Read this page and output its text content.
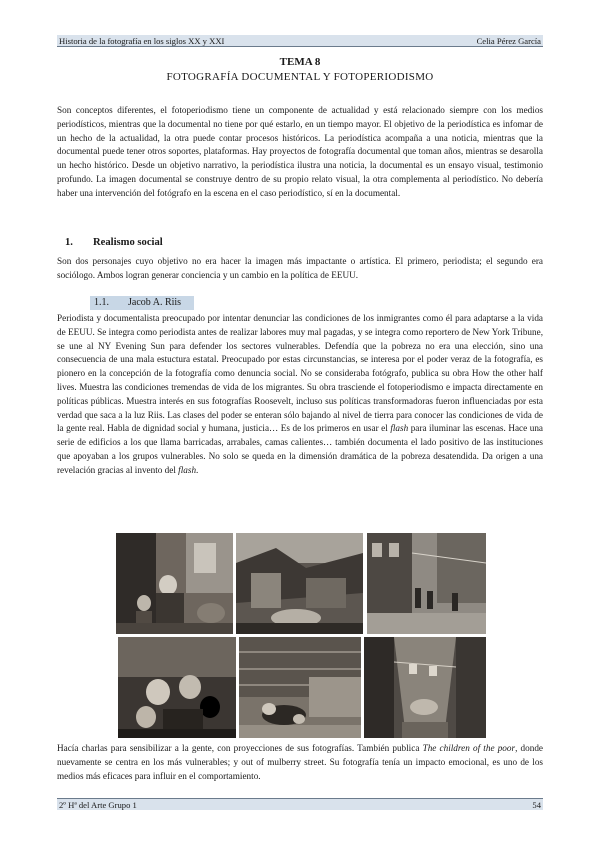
Historia de la fotografía en los siglos XX y XXI	Celia Pérez García
TEMA 8
FOTOGRAFÍA DOCUMENTAL Y FOTOPERIODISMO

Son conceptos diferentes, el fotoperiodismo tiene un componente de actualidad y está relacionado siempre con los medios periodísticos, mientras que la documental no tiene por qué estarlo, en un tiempo mayor. El objetivo de la periodística es infomar de un hecho de la actualidad, la otra puede contar procesos históricos. La periodística acompaña a una noticia, mientras que la documental puede tener otros soportes, plataformas. Hay proyectos de fotografía documental que toman años, mientras se desarolla un hecho histórico. Desde un objetivo narrativo, la periodística ilustra una noticia, la documental es un ensayo visual, testimonio profundo. La imagen documental se construye dentro de su propio relato visual, la otra complementa al periodístico. No debería haber una intervención del fotógrafo en la escena en el caso periodístico, sí en la documental.

1. Realismo social

Son dos personajes cuyo objetivo no era hacer la imagen más impactante o artística. El primero, periodista; el segundo era sociólogo. Ambos logran generar conciencia y un cambio en la política de EEUU.

1.1. Jacob A. Riis

Periodista y documentalista preocupado por intentar denunciar las condiciones de los inmigrantes como él para adaptarse a la vida de EEUU. Se integra como periodista antes de realizar labores muy mal pagadas, y se integra como reportero de New York Tribune, se une al NY Evening Sun para defender los sectores vulnerables. Defendía que la pobreza no era una elección, sino una consecuencia de una mala estuctura estatal. Preocupado por estas circunstancias, se interesa por el poder veraz de la fotografía, es pionero en la concepción de la fotografía como denuncia social. No se consideraba fotógrafo, publica su obra How the other half lives. Muestra las condiciones tremendas de vida de los migrantes. Su obra trasciende el fotoperiodismo e impacta directamente en políticas públicas. Muestra interés en sus fotografías Roosevelt, incluso sus políticas transformadoras fueron influenciadas por esta verdad que saca a la luz Riis. Las clases del poder se enteran sólo bajando al nivel de tierra para conocer las condiciones de vida de la gente real. Habla de dignidad social y humana, justicia… Es de los primeros en usar el flash para iluminar las escenas. Hace una serie de edificios a los que llama barricadas, arrabales, camas calientes… también documenta el lado positivo de las instituciones que apoyaban a los grupos vulnerables. No solo se queda en la dimensión dramática de la pobreza desatendida. Da origen a una revelación gracias al invento del flash.

Hacía charlas para sensibilizar a la gente, con proyecciones de sus fotografías. También publica The children of the poor, donde nuevamente se centra en los más vulnerables; y out of mulberry street. Su fotografía tenía un impacto emocional, es uno de los medios más eficaces para influir en el comportamiento.

2º Hª del Arte Grupo 1	54
